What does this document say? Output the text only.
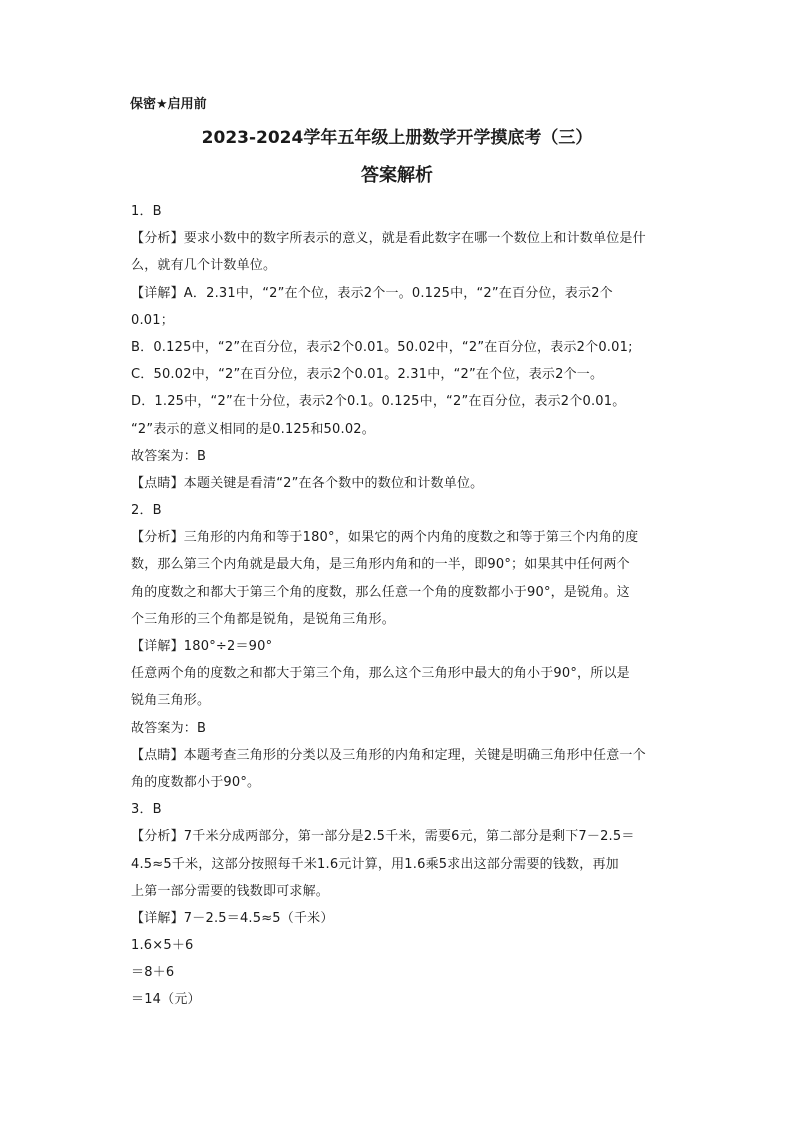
保密★启用前
2023-2024学年五年级上册数学开学摸底考（三）
答案解析
1．B
【分析】要求小数中的数字所表示的意义，就是看此数字在哪一个数位上和计数单位是什
么，就有几个计数单位。
【详解】A．2.31中，“2”在个位，表示2个一。0.125中，“2”在百分位，表示2个
0.01；
B．0.125中，“2”在百分位，表示2个0.01。50.02中，“2”在百分位，表示2个0.01;
C．50.02中，“2”在百分位，表示2个0.01。2.31中，“2”在个位，表示2个一。
D．1.25中，“2”在十分位，表示2个0.1。0.125中，“2”在百分位，表示2个0.01。
“2”表示的意义相同的是0.125和50.02。
故答案为：B
【点睛】本题关键是看清“2”在各个数中的数位和计数单位。
2．B
【分析】三角形的内角和等于180°，如果它的两个内角的度数之和等于第三个内角的度
数，那么第三个内角就是最大角，是三角形内角和的一半，即90°；如果其中任何两个
角的度数之和都大于第三个角的度数，那么任意一个角的度数都小于90°，是锐角。这
个三角形的三个角都是锐角，是锐角三角形。
【详解】180°÷2＝90°
任意两个角的度数之和都大于第三个角，那么这个三角形中最大的角小于90°，所以是
锐角三角形。
故答案为：B
【点睛】本题考查三角形的分类以及三角形的内角和定理，关键是明确三角形中任意一个
角的度数都小于90°。
3．B
【分析】7千米分成两部分，第一部分是2.5千米，需要6元，第二部分是剩下7－2.5＝
4.5≈5千米，这部分按照每千米1.6元计算，用1.6乘5求出这部分需要的钱数，再加
上第一部分需要的钱数即可求解。
【详解】7－2.5＝4.5≈5（千米）
1.6×5＋6
＝8＋6
＝14（元）
